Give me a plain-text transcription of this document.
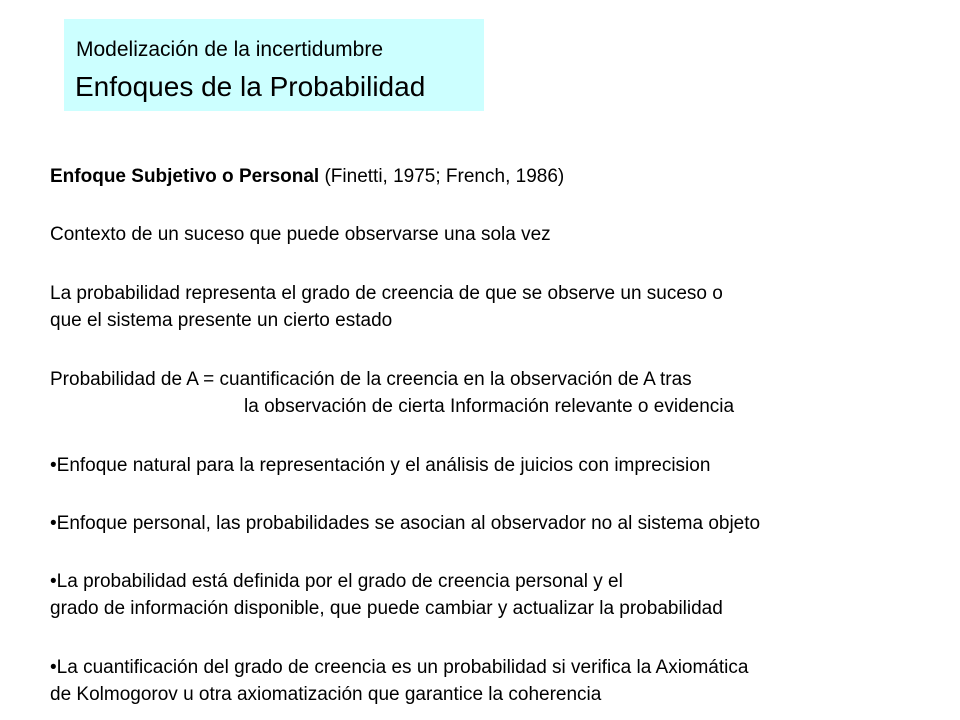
Modelización de la incertidumbre
Enfoques de la Probabilidad
Enfoque Subjetivo o Personal (Finetti, 1975; French, 1986)
Contexto de un suceso que puede observarse una sola vez
La probabilidad representa el grado de creencia de que se observe un suceso o
que el sistema presente un cierto estado
Probabilidad de A = cuantificación de la creencia en la observación de A tras
la observación de cierta Información relevante o evidencia
•Enfoque natural para la representación y el análisis de juicios con imprecision
•Enfoque personal, las probabilidades se asocian al observador no al sistema objeto
•La probabilidad está definida por el grado de creencia personal y el
grado de información disponible, que puede cambiar y actualizar la probabilidad
•La cuantificación del grado de creencia es un probabilidad si verifica la Axiomática
de Kolmogorov u otra axiomatización que garantice la coherencia
